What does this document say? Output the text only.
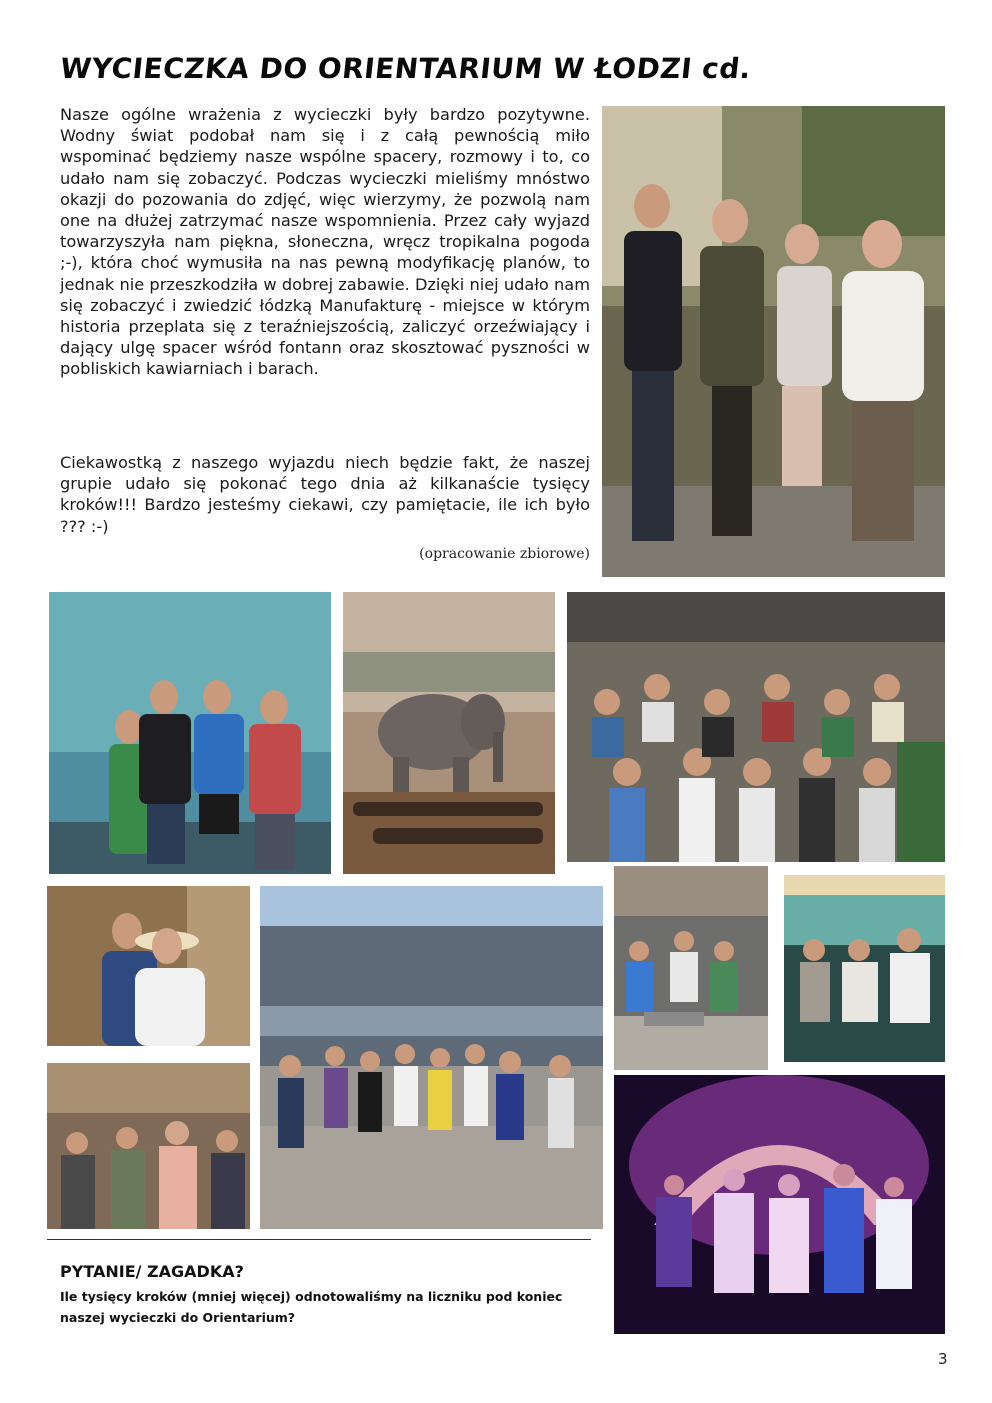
WYCIECZKA DO ORIENTARIUM W ŁODZI cd.

Nasze ogólne wrażenia z wycieczki były bardzo pozytywne. Wodny świat podobał nam się i z całą pewnością miło wspominać będziemy nasze wspólne spacery, rozmowy i to, co udało nam się zobaczyć. Podczas wycieczki mieliśmy mnóstwo okazji do pozowania do zdjęć, więc wierzymy, że pozwolą nam one na dłużej zatrzymać nasze wspomnienia. Przez cały wyjazd towarzyszyła nam piękna, słoneczna, wręcz tropikalna pogoda ;-), która choć wymusiła na nas pewną modyfikację planów, to jednak nie przeszkodziła w dobrej zabawie. Dzięki niej udało nam się zobaczyć i zwiedzić łódzką Manufakturę - miejsce w którym historia przeplata się z teraźniejszością, zaliczyć orzeźwiający i dający ulgę spacer wśród fontann oraz skosztować pyszności w pobliskich kawiarniach i barach.

Ciekawostką z naszego wyjazdu niech będzie fakt, że naszej grupie udało się pokonać tego dnia aż kilkanaście tysięcy kroków!!! Bardzo jesteśmy ciekawi, czy pamiętacie, ile ich było ??? :-)

(opracowanie zbiorowe)
PYTANIE/ ZAGADKA?
Ile tysięcy kroków (mniej więcej) odnotowaliśmy na liczniku pod koniec naszej wycieczki do Orientarium?
3
